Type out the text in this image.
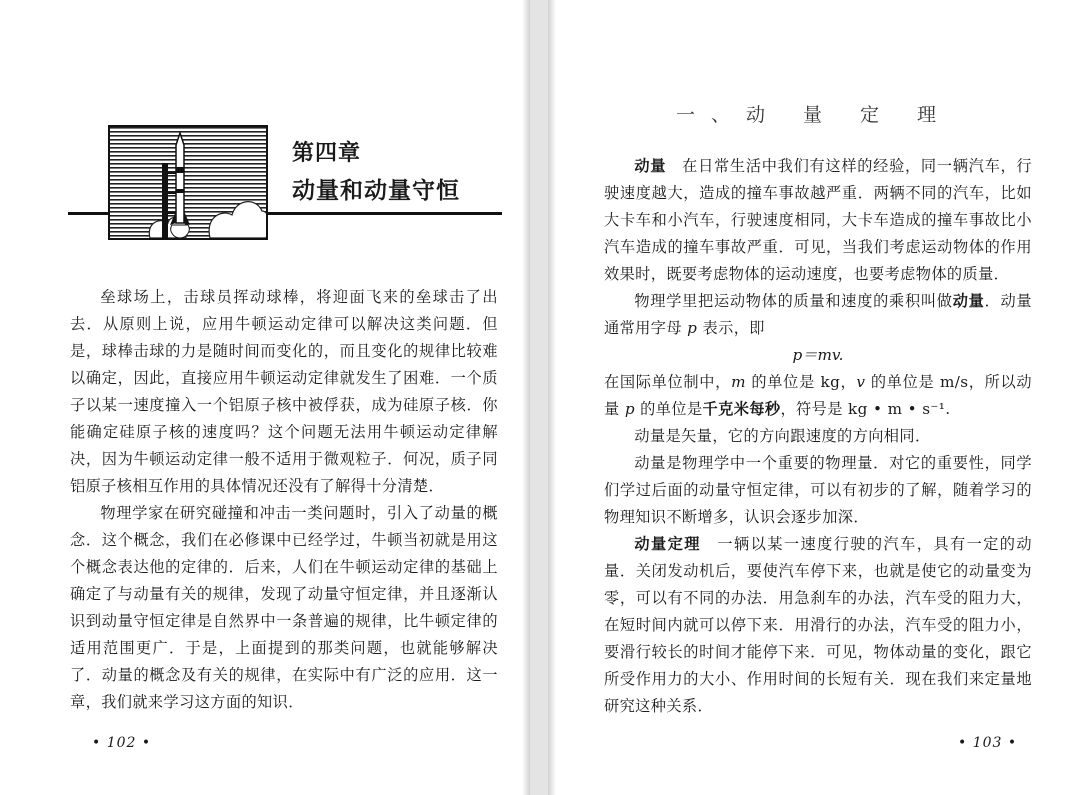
第四章
动量和动量守恒

垒球场上，击球员挥动球棒，将迎面飞来的垒球击了出去．从原则上说，应用牛顿运动定律可以解决这类问题．但是，球棒击球的力是随时间而变化的，而且变化的规律比较难以确定，因此，直接应用牛顿运动定律就发生了困难．一个质子以某一速度撞入一个铝原子核中被俘获，成为硅原子核．你能确定硅原子核的速度吗？这个问题无法用牛顿运动定律解决，因为牛顿运动定律一般不适用于微观粒子．何况，质子同铝原子核相互作用的具体情况还没有了解得十分清楚．

物理学家在研究碰撞和冲击一类问题时，引入了动量的概念．这个概念，我们在必修课中已经学过，牛顿当初就是用这个概念表达他的定律的．后来，人们在牛顿运动定律的基础上确定了与动量有关的规律，发现了动量守恒定律，并且逐渐认识到动量守恒定律是自然界中一条普遍的规律，比牛顿定律的适用范围更广．于是，上面提到的那类问题，也就能够解决了．动量的概念及有关的规律，在实际中有广泛的应用．这一章，我们就来学习这方面的知识．

• 102 •
一、动 量 定 理

动量　在日常生活中我们有这样的经验，同一辆汽车，行驶速度越大，造成的撞车事故越严重．两辆不同的汽车，比如大卡车和小汽车，行驶速度相同，大卡车造成的撞车事故比小汽车造成的撞车事故严重．可见，当我们考虑运动物体的作用效果时，既要考虑物体的运动速度，也要考虑物体的质量．

物理学里把运动物体的质量和速度的乘积叫做动量．动量通常用字母 p 表示，即

p＝mv.

在国际单位制中，m 的单位是 kg，v 的单位是 m/s，所以动量 p 的单位是千克米每秒，符号是 kg • m • s⁻¹.

动量是矢量，它的方向跟速度的方向相同．

动量是物理学中一个重要的物理量．对它的重要性，同学们学过后面的动量守恒定律，可以有初步的了解，随着学习的物理知识不断增多，认识会逐步加深．

动量定理　一辆以某一速度行驶的汽车，具有一定的动量．关闭发动机后，要使汽车停下来，也就是使它的动量变为零，可以有不同的办法．用急刹车的办法，汽车受的阻力大，在短时间内就可以停下来．用滑行的办法，汽车受的阻力小，要滑行较长的时间才能停下来．可见，物体动量的变化，跟它所受作用力的大小、作用时间的长短有关．现在我们来定量地研究这种关系．

• 103 •
